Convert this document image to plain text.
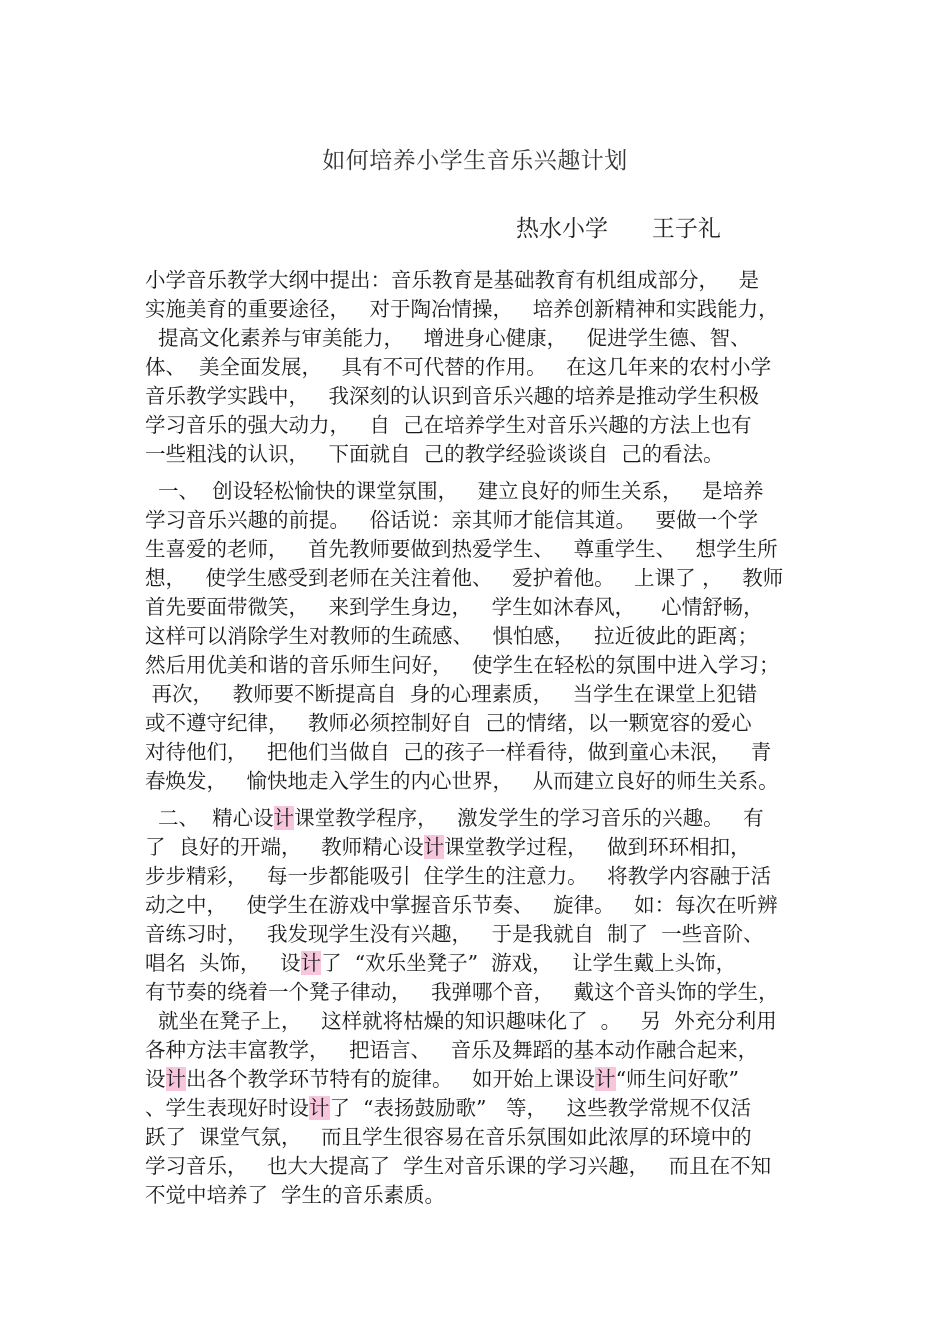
如何培养小学生音乐兴趣计划
热水小学      王子礼
小学音乐教学大纲中提出：音乐教育是基础教育有机组成部分，   是
实施美育的重要途径，   对于陶冶情操，   培养创新精神和实践能力，
提高文化素养与审美能力，   增进身心健康，   促进学生德、智、
体、  美全面发展，   具有不可代替的作用。   在这几年来的农村小学
音乐教学实践中，   我深刻的认识到音乐兴趣的培养是推动学生积极
学习音乐的强大动力，   自  己在培养学生对音乐兴趣的方法上也有
一些粗浅的认识，   下面就自  己的教学经验谈谈自  己的看法。
一、  创设轻松愉快的课堂氛围，   建立良好的师生关系，   是培养
学习音乐兴趣的前提。   俗话说：亲其师才能信其道。   要做一个学
生喜爱的老师，   首先教师要做到热爱学生、   尊重学生、   想学生所
想，   使学生感受到老师在关注着他、   爱护着他。   上课了 ，   教师
首先要面带微笑，   来到学生身边，   学生如沐春风，    心情舒畅，
这样可以消除学生对教师的生疏感、   惧怕感，   拉近彼此的距离；
然后用优美和谐的音乐师生问好，   使学生在轻松的氛围中进入学习；
再次，   教师要不断提高自  身的心理素质，   当学生在课堂上犯错
或不遵守纪律，   教师必须控制好自  己的情绪，以一颗宽容的爱心
对待他们，   把他们当做自  己的孩子一样看待，做到童心未泯，   青
春焕发，   愉快地走入学生的内心世界，   从而建立良好的师生关系。
二、  精心设计课堂教学程序，   激发学生的学习音乐的兴趣。   有
了  良好的开端，   教师精心设计课堂教学过程，   做到环环相扣，
步步精彩，   每一步都能吸引  住学生的注意力。   将教学内容融于活
动之中，   使学生在游戏中掌握音乐节奏、   旋律。   如：每次在听辨
音练习时，   我发现学生没有兴趣，   于是我就自  制了  一些音阶、
唱名  头饰，   设计了  “欢乐坐凳子”  游戏，   让学生戴上头饰，
有节奏的绕着一个凳子律动，   我弹哪个音，   戴这个音头饰的学生，
就坐在凳子上，   这样就将枯燥的知识趣味化了  。   另  外充分利用
各种方法丰富教学，   把语言、   音乐及舞蹈的基本动作融合起来，
设计出各个教学环节特有的旋律。   如开始上课设计“师生问好歌”
、学生表现好时设计了  “表扬鼓励歌”   等，   这些教学常规不仅活
跃了  课堂气氛，   而且学生很容易在音乐氛围如此浓厚的环境中的
学习音乐，   也大大提高了  学生对音乐课的学习兴趣，   而且在不知
不觉中培养了  学生的音乐素质。
